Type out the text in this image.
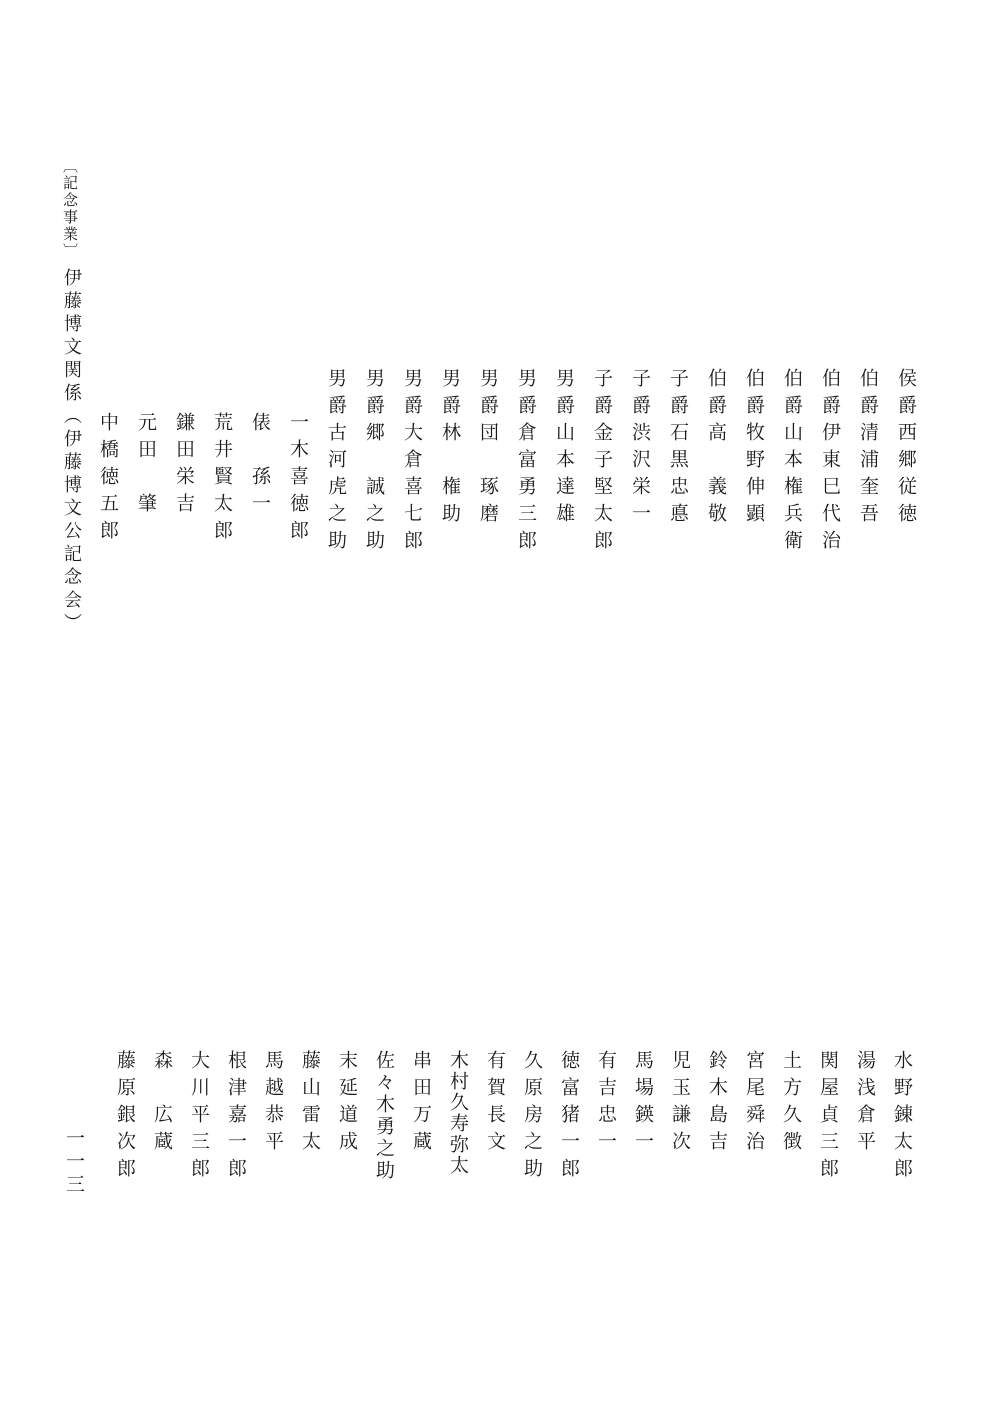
〔記念事業〕
伊藤博文関係（伊藤博文公記念会）
一一三
侯爵西郷従徳
伯爵清浦奎吾
伯爵伊東巳代治
伯爵山本権兵衛
伯爵牧野伸顕
伯爵高　義敬
子爵石黒忠悳
子爵渋沢栄一
子爵金子堅太郎
男爵山本達雄
男爵倉富勇三郎
男爵団　琢磨
男爵林　権助
男爵大倉喜七郎
男爵郷　誠之助
男爵古河虎之助
一木喜徳郎
俵　孫一
荒井賢太郎
鎌田栄吉
元田　肇
中橋徳五郎
水野錬太郎
湯浅倉平
関屋貞三郎
土方久徴
宮尾舜治
鈴木島吉
児玉謙次
馬場鍈一
有吉忠一
徳富猪一郎
久原房之助
有賀長文
木村久寿弥太
串田万蔵
佐々木勇之助
末延道成
藤山雷太
馬越恭平
根津嘉一郎
大川平三郎
森　広蔵
藤原銀次郎
